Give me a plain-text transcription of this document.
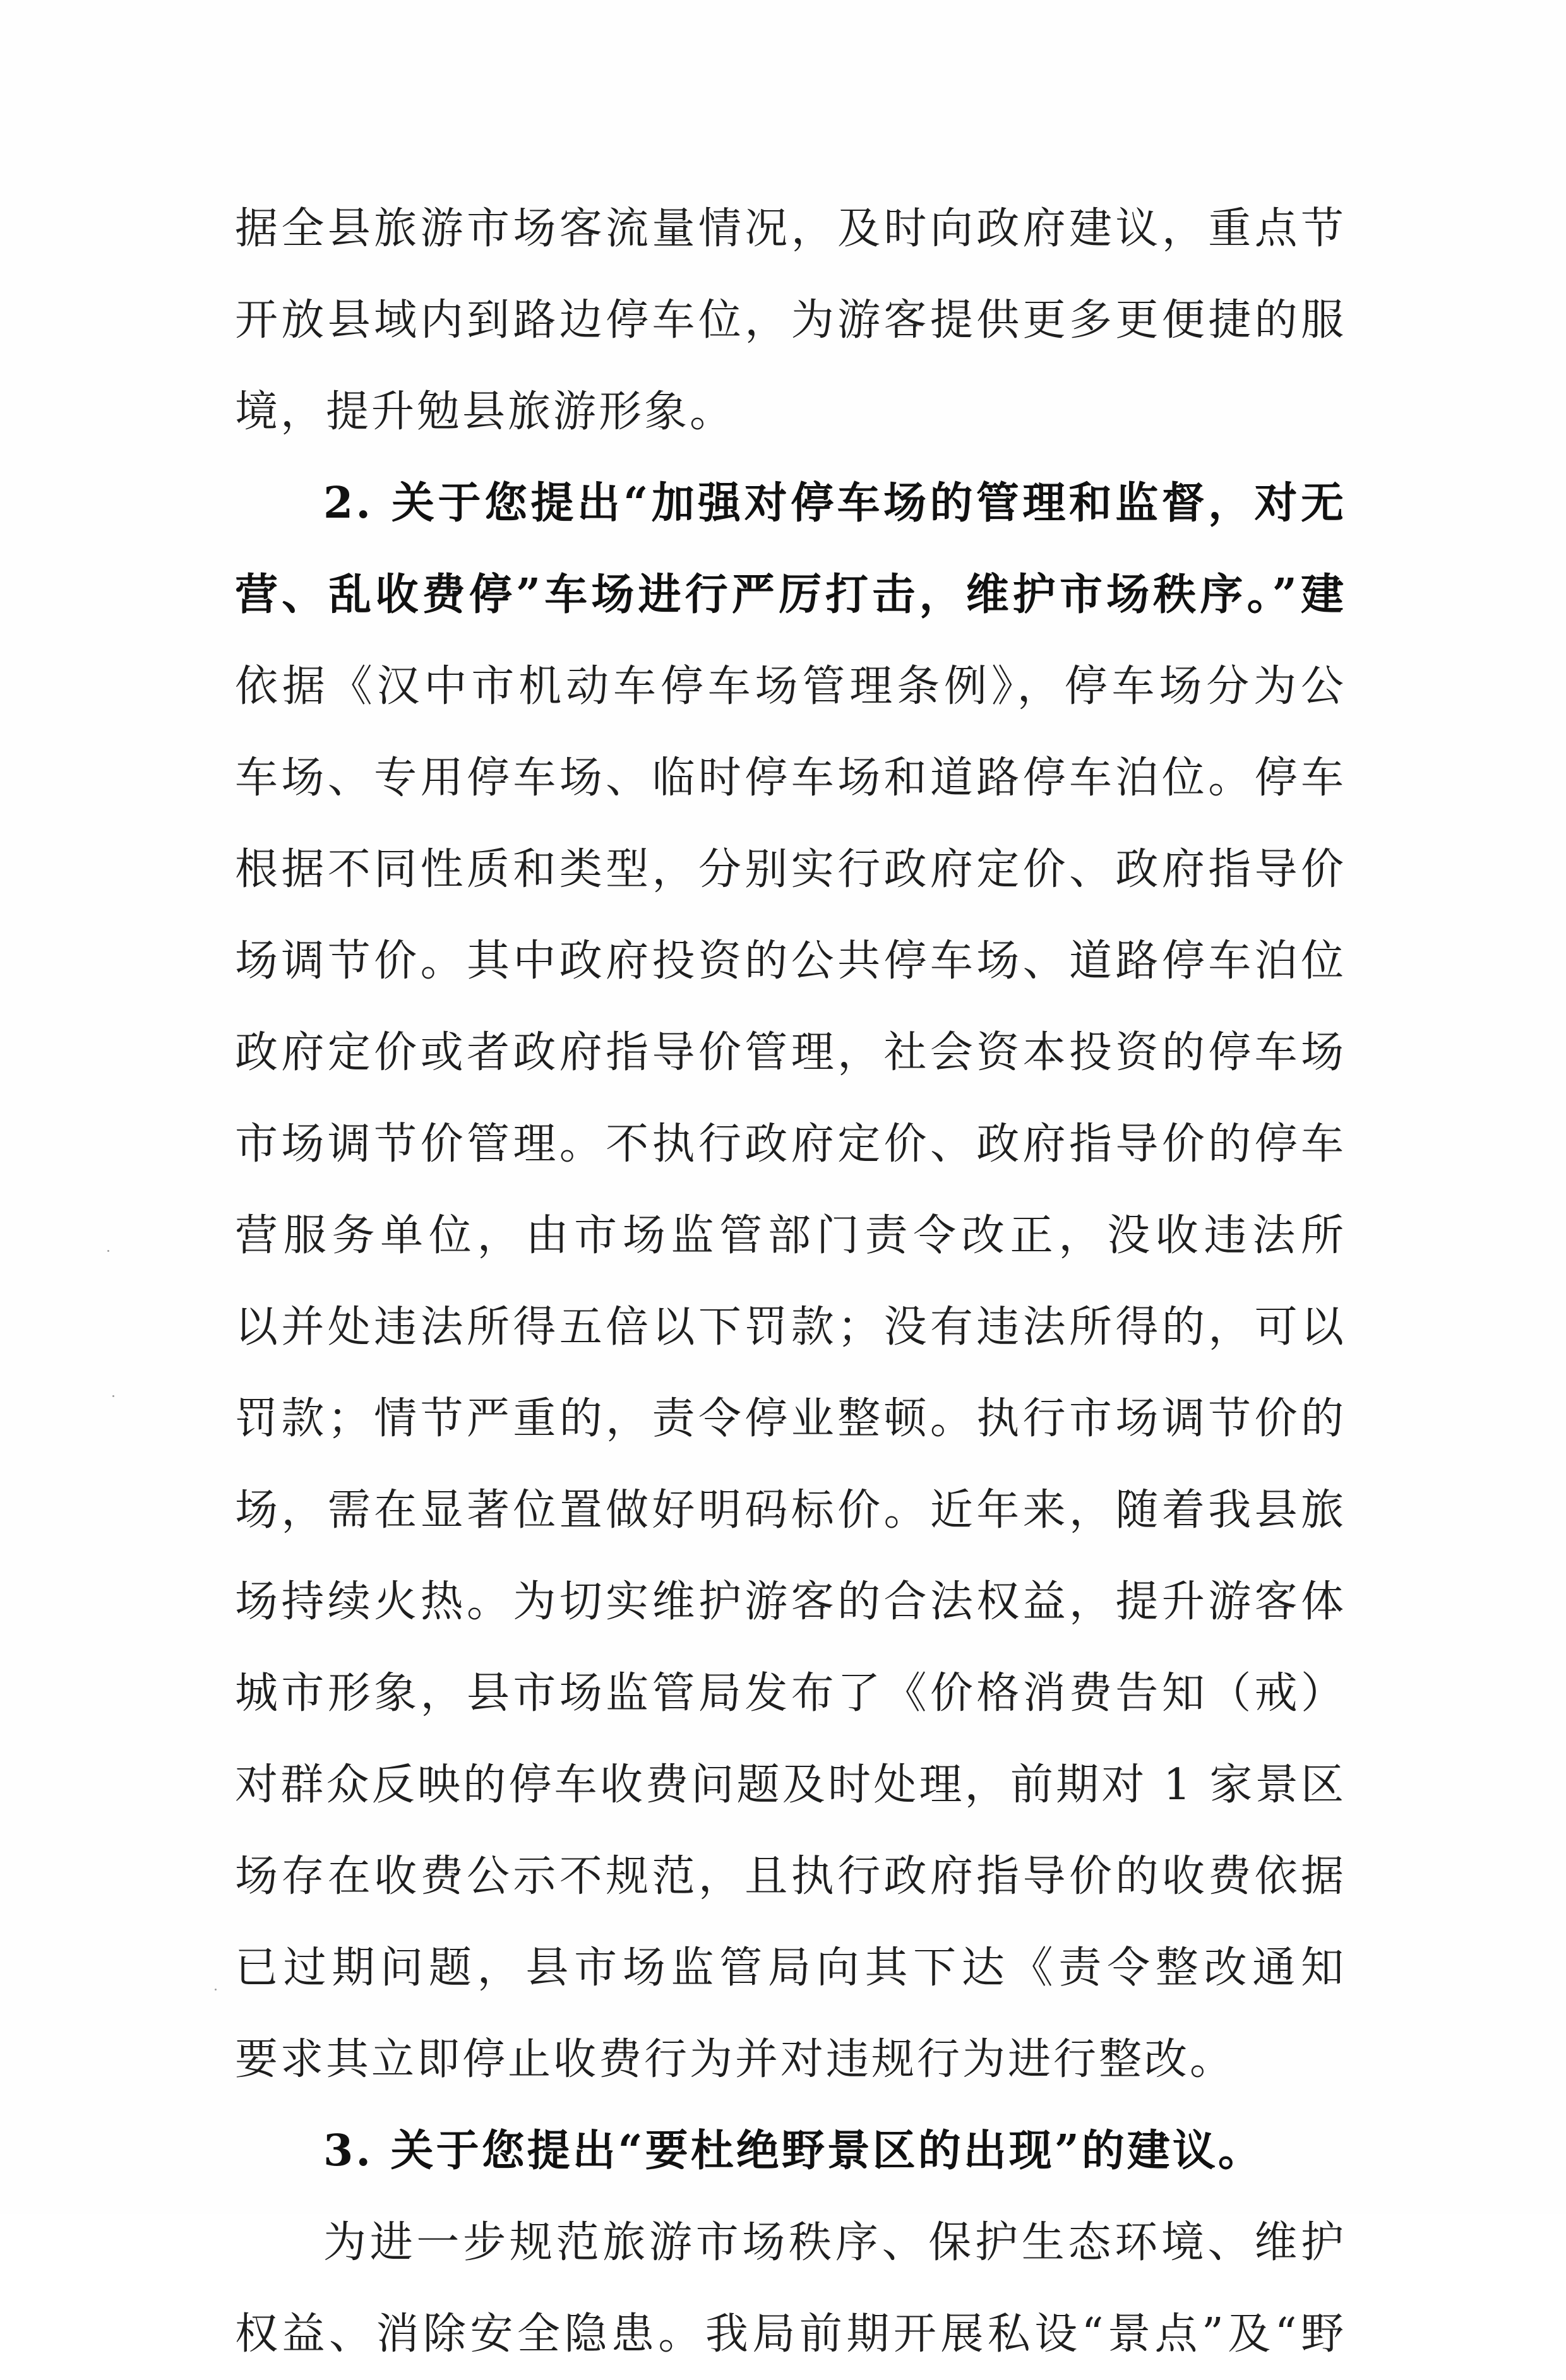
据全县旅游市场客流量情况，及时向政府建议，重点节
开放县域内到路边停车位，为游客提供更多更便捷的服
境，提升勉县旅游形象。
2. 关于您提出“加强对停车场的管理和监督，对无
营、乱收费停”车场进行严厉打击，维护市场秩序。”建
依据《汉中市机动车停车场管理条例》，停车场分为公
车场、专用停车场、临时停车场和道路停车泊位。停车
根据不同性质和类型，分别实行政府定价、政府指导价
场调节价。其中政府投资的公共停车场、道路停车泊位
政府定价或者政府指导价管理，社会资本投资的停车场
市场调节价管理。不执行政府定价、政府指导价的停车
营服务单位，由市场监管部门责令改正，没收违法所
以并处违法所得五倍以下罚款；没有违法所得的，可以
罚款；情节严重的，责令停业整顿。执行市场调节价的
场，需在显著位置做好明码标价。近年来，随着我县旅
场持续火热。为切实维护游客的合法权益，提升游客体
城市形象，县市场监管局发布了《价格消费告知（戒）
对群众反映的停车收费问题及时处理，前期对 1 家景区
场存在收费公示不规范，且执行政府指导价的收费依据
已过期问题，县市场监管局向其下达《责令整改通知
要求其立即停止收费行为并对违规行为进行整改。
3. 关于您提出“要杜绝野景区的出现”的建议。
为进一步规范旅游市场秩序、保护生态环境、维护
权益、消除安全隐患。我局前期开展私设“景点”及“野
